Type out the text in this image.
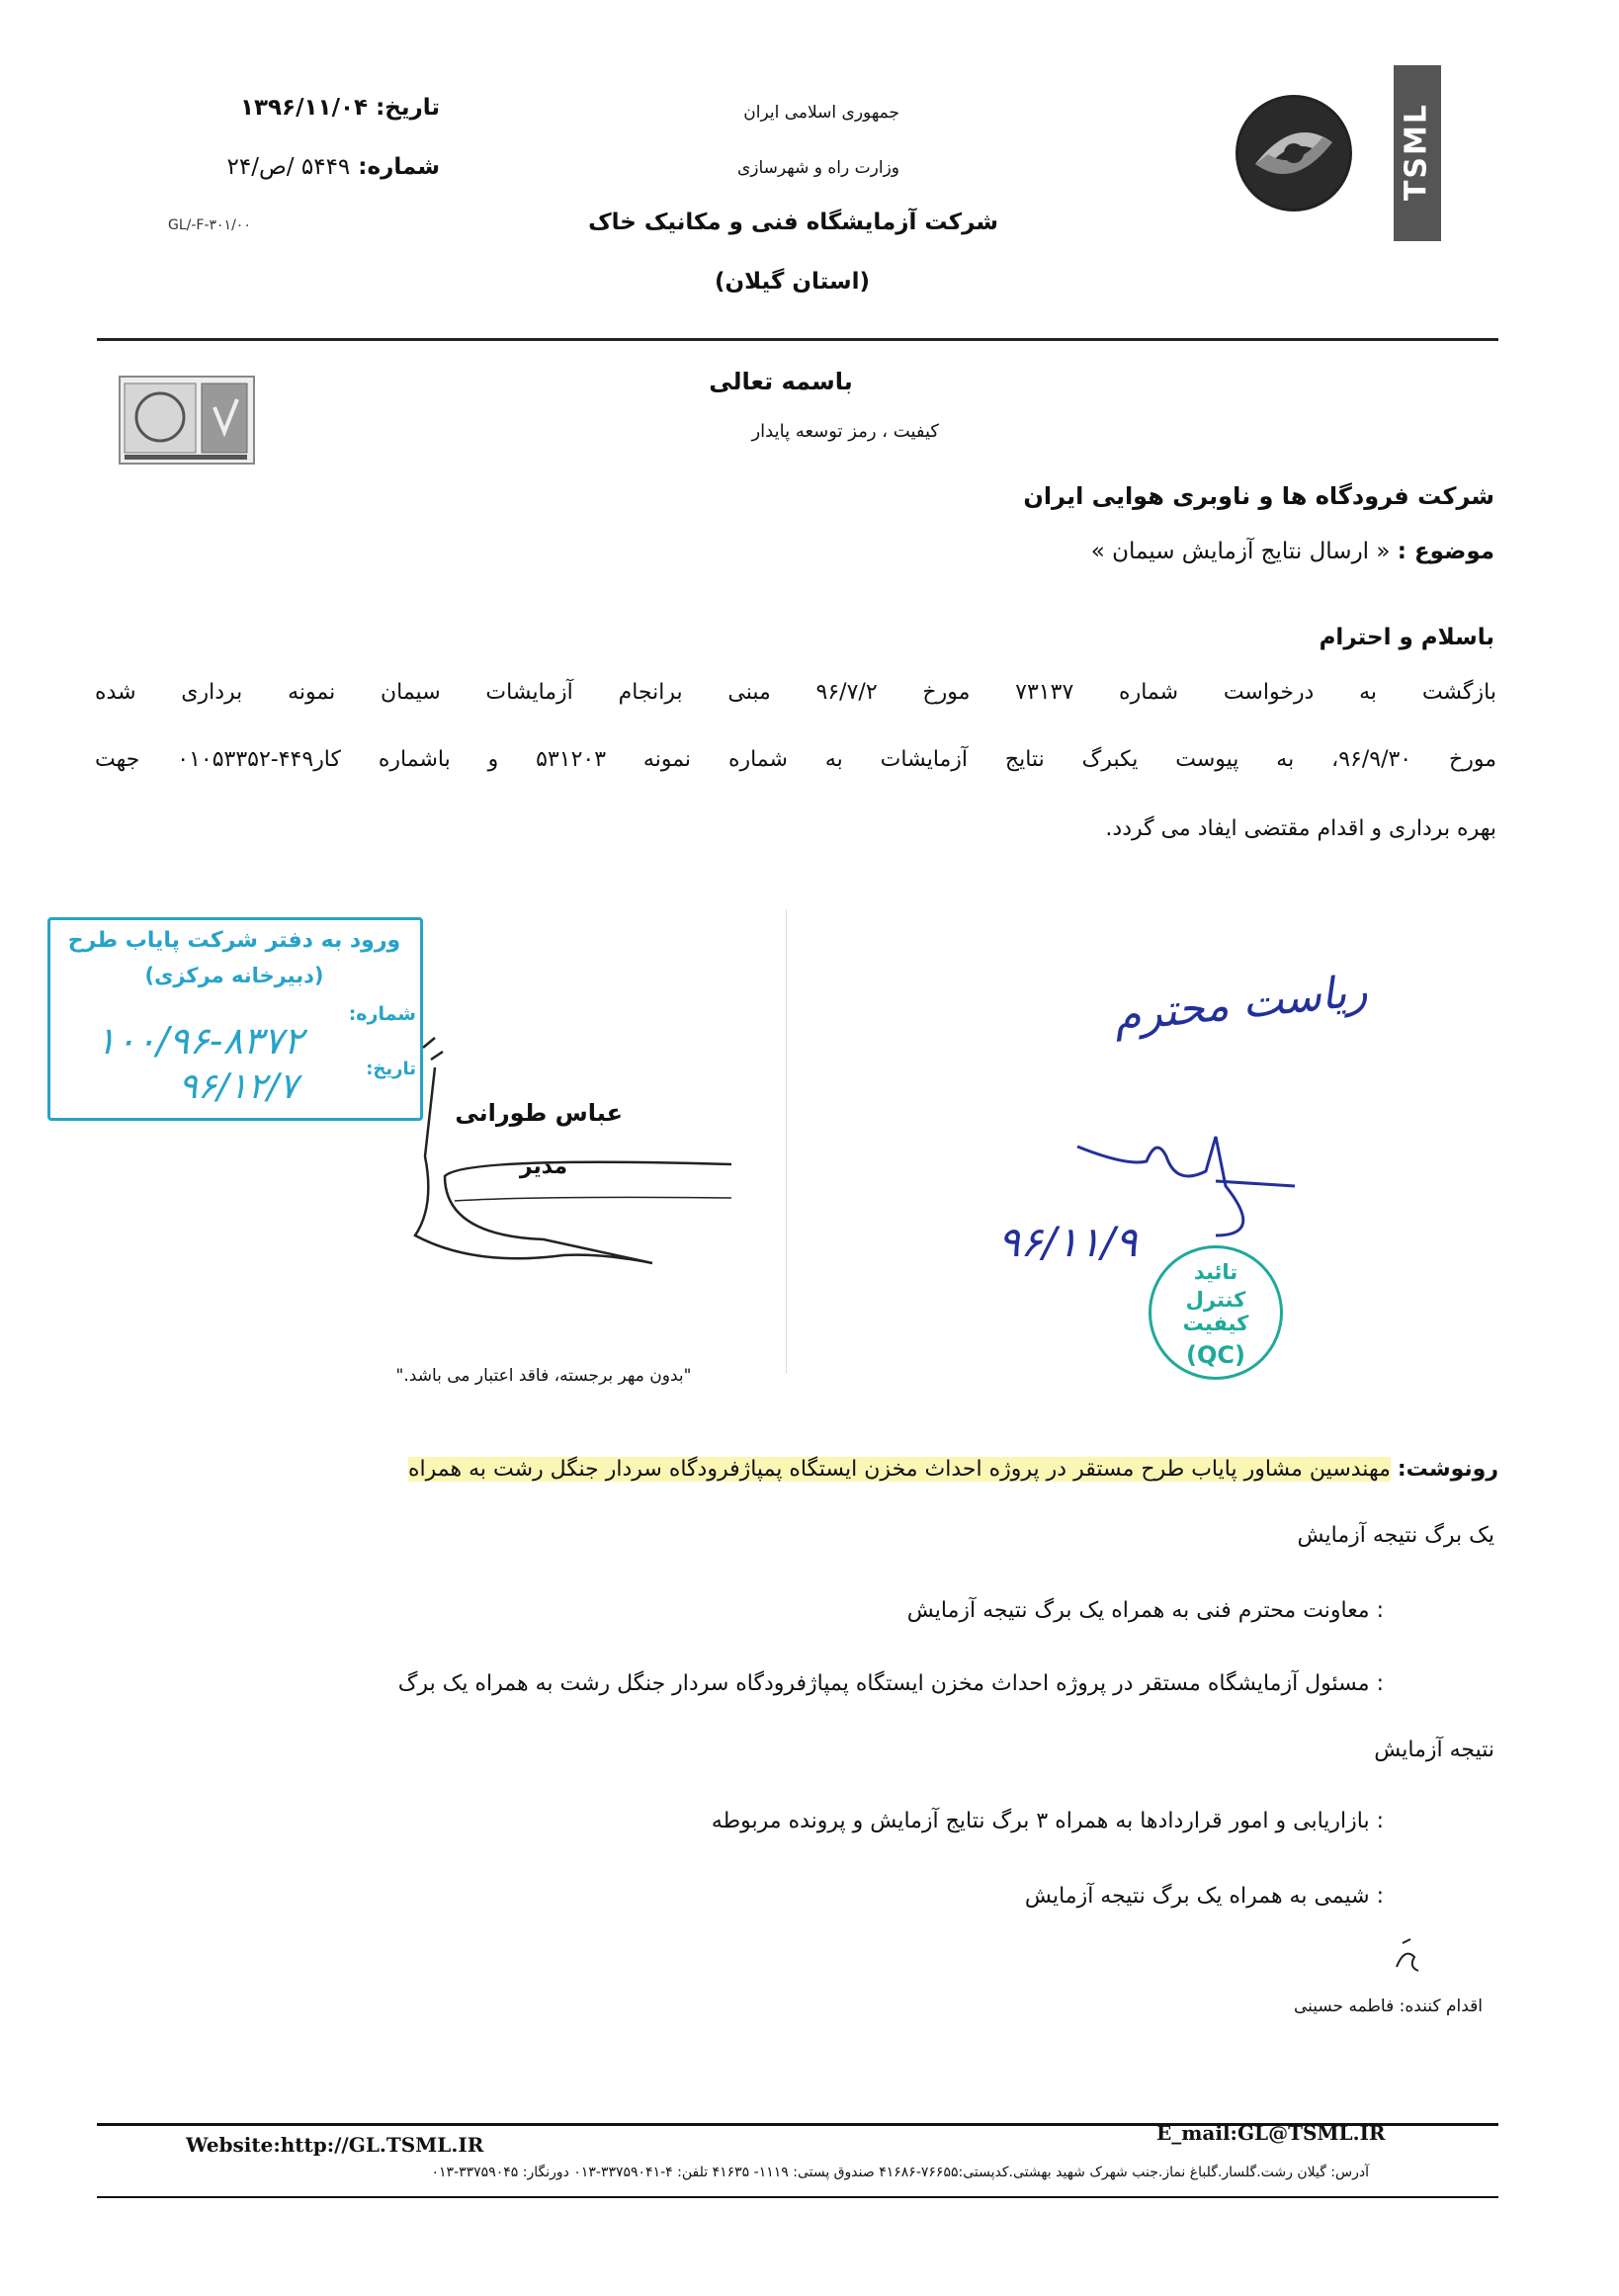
تاریخ: ۱۳۹۶/۱۱/۰۴
شماره: ۵۴۴۹ /ص/۲۴
GL/-F-۳۰۱/۰۰
جمهوری اسلامی ایران
وزارت راه و شهرسازی
شرکت آزمایشگاه فنی و مکانیک خاک
(استان گیلان)
TSML
باسمه تعالی
کیفیت ، رمز توسعه پایدار
شرکت فرودگاه ها و ناوبری هوایی ایران
موضوع : « ارسال نتایج آزمایش سیمان »
باسلام و احترام
بازگشت به درخواست شماره ۷۳۱۳۷ مورخ ۹۶/۷/۲ مبنی برانجام آزمایشات سیمان نمونه برداری شده
مورخ ۹۶/۹/۳۰، به پیوست یکبرگ نتایج آزمایشات به شماره نمونه ۵۳۱۲۰۳ و باشماره کار۴۴۹-۰۱۰۵۳۳۵۲ جهت
بهره برداری و اقدام مقتضی ایفاد می گردد.
ورود به دفتر شرکت پایاب طرح
(دبیرخانه مرکزی)
شماره:
۱۰۰/۹۶-۸۳۷۲
تاریخ:
۹۶/۱۲/۷
عباس طورانی
مدیر
"بدون مهر برجسته، فاقد اعتبار می باشد."
ریاست محترم
۹۶/۱۱/۹
تائید
کنترل کیفیت
(QC)
رونوشت: مهندسین مشاور پایاب طرح مستقر در پروژه احداث مخزن ایستگاه پمپاژفرودگاه سردار جنگل رشت به همراه
یک برگ نتیجه آزمایش
: معاونت محترم فنی به همراه یک برگ نتیجه آزمایش
: مسئول آزمایشگاه مستقر در پروژه احداث مخزن ایستگاه پمپاژفرودگاه سردار جنگل رشت به همراه یک برگ
نتیجه آزمایش
: بازاریابی و امور قراردادها به همراه ۳ برگ نتایج آزمایش و پرونده مربوطه
: شیمی به همراه یک برگ نتیجه آزمایش
اقدام کننده: فاطمه حسینی
Website:http://GL.TSML.IR	E_mail:GL@TSML.IR
آدرس: گیلان رشت.گلسار.گلباغ نماز.جنب شهرک شهید بهشتی.کدپستی:۷۶۶۵۵-۴۱۶۸۶ صندوق پستی: ۱۱۱۹- ۴۱۶۳۵ تلفن: ۴-۳۳۷۵۹۰۴۱-۰۱۳ دورنگار: ۳۳۷۵۹۰۴۵-۰۱۳
